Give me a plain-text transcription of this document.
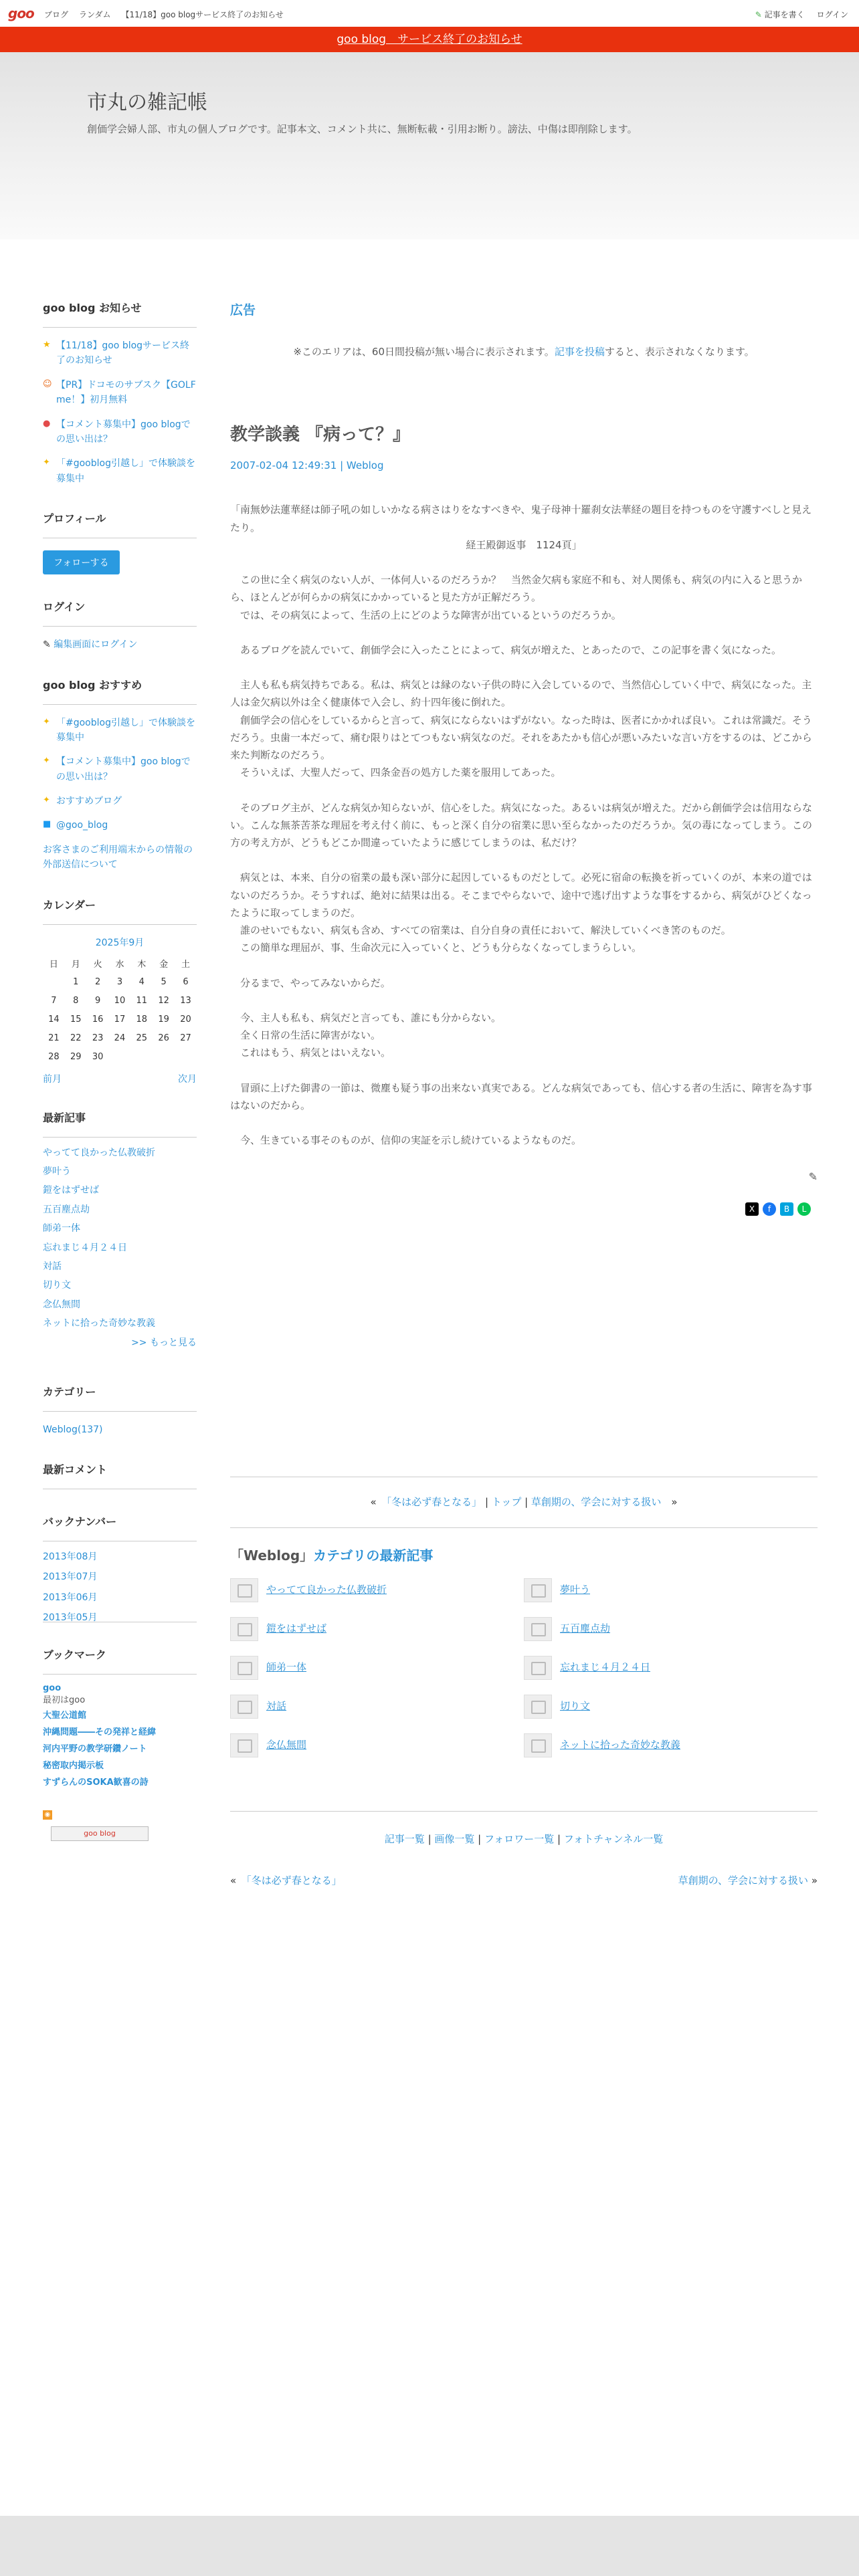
goo ブログ ランダム 【11/18】goo blogサービス終了のお知らせ	✎ 記事を書く ログイン
goo blog　サービス終了のお知らせ
市丸の雑記帳
創価学会婦人部、市丸の個人ブログです。記事本文、コメント共に、無断転載・引用お断り。謗法、中傷は即削除します。
goo blog お知らせ
★ 【11/18】goo blogサービス終了のお知らせ
☺ 【PR】ドコモのサブスク【GOLF me！】初月無料
● 【コメント募集中】goo blogでの思い出は？
✦ 「#gooblog引越し」で体験談を募集中
プロフィール
フォローする
ログイン
✎ 編集画面にログイン
goo blog おすすめ
✦ 「#gooblog引越し」で体験談を募集中
✦ 【コメント募集中】goo blogでの思い出は？
✦ おすすめブログ
■ @goo_blog
お客さまのご利用端末からの情報の外部送信について
カレンダー
2025年9月
日	月	火	水	木	金	土
	1	2	3	4	5	6
7	8	9	10	11	12	13
14	15	16	17	18	19	20
21	22	23	24	25	26	27
28	29	30				
前月	次月
最新記事
やってて良かった仏教破折
夢叶う
鎧をはずせば
五百塵点劫
師弟一体
忘れまじ４月２４日
対話
切り文
念仏無間
ネットに拾った奇妙な教義
>> もっと見る
カテゴリー
Weblog(137)
最新コメント
バックナンバー
2013年08月
2013年07月
2013年06月
2013年05月
ブックマーク
goo
最初はgoo
大聖公道館
沖縄問題――その発祥と経緯
河内平野の教学研鑽ノート
秘密取内掲示板
すずらんのSOKA歓喜の詩
◉
goo blog
広告
※このエリアは、60日間投稿が無い場合に表示されます。記事を投稿すると、表示されなくなります。
教学談義 『病って？』
2007-02-04 12:49:31 | Weblog

「南無妙法蓮華経は師子吼の如しいかなる病さはりをなすべきや、鬼子母神十羅刹女法華経の題目を持つものを守護すべしと見えたり。

経王殿御返事　1124頁」

　この世に全く病気のない人が、一体何人いるのだろうか？　当然金欠病も家庭不和も、対人関係も、病気の内に入ると思うから、ほとんどが何らかの病気にかかっていると見た方が正解だろう。

　では、その病気によって、生活の上にどのような障害が出ているというのだろうか。

　あるブログを読んでいて、創価学会に入ったことによって、病気が増えた、とあったので、この記事を書く気になった。

　主人も私も病気持ちである。私は、病気とは縁のない子供の時に入会しているので、当然信心していく中で、病気になった。主人は金欠病以外は全く健康体で入会し、約十四年後に倒れた。

　創価学会の信心をしているからと言って、病気にならないはずがない。なった時は、医者にかかれば良い。これは常識だ。そうだろう。虫歯一本だって、痛む限りはとてつもない病気なのだ。それをあたかも信心が悪いみたいな言い方をするのは、どこから来た判断なのだろう。

　そういえば、大聖人だって、四条金吾の処方した薬を服用してあった。

　そのブログ主が、どんな病気か知らないが、信心をした。病気になった。あるいは病気が増えた。だから創価学会は信用ならない。こんな無茶苦茶な理屈を考え付く前に、もっと深く自分の宿業に思い至らなかったのだろうか。気の毒になってしまう。この方の考え方が、どうもどこか間違っていたように感じてしまうのは、私だけ？

　病気とは、本来、自分の宿業の最も深い部分に起因しているものだとして。必死に宿命の転換を祈っていくのが、本来の道ではないのだろうか。そうすれば、絶対に結果は出る。そこまでやらないで、途中で逃げ出すような事をするから、病気がひどくなったように取ってしまうのだ。

　誰のせいでもない、病気も含め、すべての宿業は、自分自身の責任において、解決していくべき筈のものだ。

　この簡単な理屈が、事、生命次元に入っていくと、どうも分らなくなってしまうらしい。

　分るまで、やってみないからだ。

　今、主人も私も、病気だと言っても、誰にも分からない。

　全く日常の生活に障害がない。

　これはもう、病気とはいえない。

　冒頭に上げた御書の一節は、微塵も疑う事の出来ない真実である。どんな病気であっても、信心する者の生活に、障害を為す事はないのだから。

　今、生きている事そのものが、信仰の実証を示し続けているようなものだ。

✎
X	f	B	L
«　「冬は必ず春となる」 | トップ | 草創期の、学会に対する扱い　»
「Weblog」カテゴリの最新記事
やってて良かった仏教破折	夢叶う
鎧をはずせば	五百塵点劫
師弟一体	忘れまじ４月２４日
対話	切り文
念仏無間	ネットに拾った奇妙な教義
記事一覧 | 画像一覧 | フォロワー一覧 | フォトチャンネル一覧
«　「冬は必ず春となる」	草創期の、学会に対する扱い »
